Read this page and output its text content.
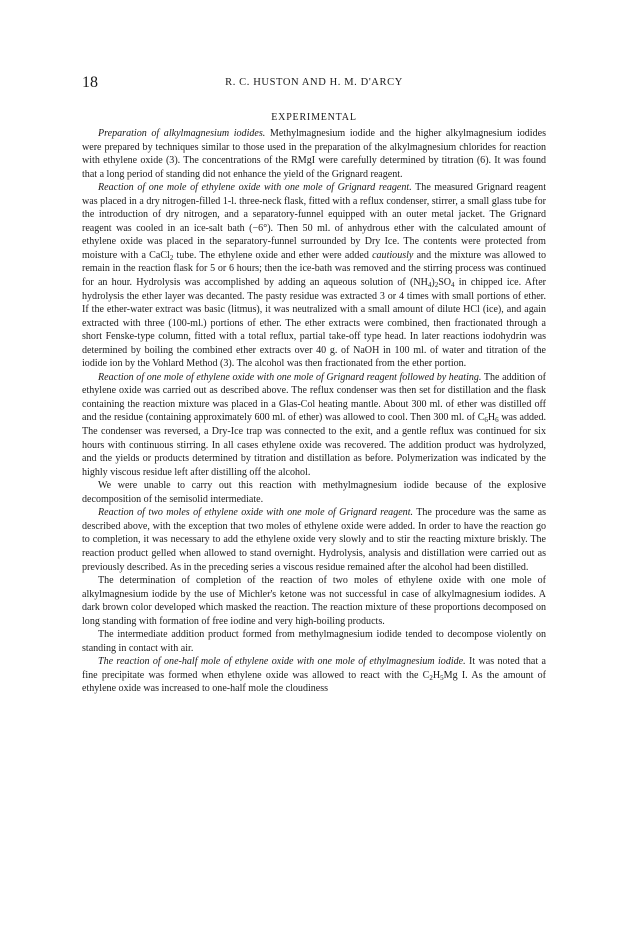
18	R. C. HUSTON AND H. M. D'ARCY
EXPERIMENTAL

Preparation of alkylmagnesium iodides. Methylmagnesium iodide and the higher alkylmagnesium iodides were prepared by techniques similar to those used in the preparation of the alkylmagnesium chlorides for reaction with ethylene oxide (3). The concentrations of the RMgI were carefully determined by titration (6). It was found that a long period of standing did not enhance the yield of the Grignard reagent.

Reaction of one mole of ethylene oxide with one mole of Grignard reagent. The measured Grignard reagent was placed in a dry nitrogen-filled 1-l. three-neck flask, fitted with a reflux condenser, stirrer, a small glass tube for the introduction of dry nitrogen, and a separatory-funnel equipped with an outer metal jacket. The Grignard reagent was cooled in an ice-salt bath (−6°). Then 50 ml. of anhydrous ether with the calculated amount of ethylene oxide was placed in the separatory-funnel surrounded by Dry Ice. The contents were protected from moisture with a CaCl$_2$ tube. The ethylene oxide and ether were added cautiously and the mixture was allowed to remain in the reaction flask for 5 or 6 hours; then the ice-bath was removed and the stirring process was continued for an hour. Hydrolysis was accomplished by adding an aqueous solution of $(NH_4)_2SO_4$ in chipped ice. After hydrolysis the ether layer was decanted. The pasty residue was extracted 3 or 4 times with small portions of ether. If the ether-water extract was basic (litmus), it was neutralized with a small amount of dilute HCl (ice), and again extracted with three (100-ml.) portions of ether. The ether extracts were combined, then fractionated through a short Fenske-type column, fitted with a total reflux, partial take-off type head. In later reactions iodohydrin was determined by boiling the combined ether extracts over 40 g. of NaOH in 100 ml. of water and titration of the iodide ion by the Vohlard Method (3). The alcohol was then fractionated from the ether portion.

Reaction of one mole of ethylene oxide with one mole of Grignard reagent followed by heating. The addition of ethylene oxide was carried out as described above. The reflux condenser was then set for distillation and the flask containing the reaction mixture was placed in a Glas-Col heating mantle. About 300 ml. of ether was distilled off and the residue (containing approximately 600 ml. of ether) was allowed to cool. Then 300 ml. of $C_6H_6$ was added. The condenser was reversed, a Dry-Ice trap was connected to the exit, and a gentle reflux was continued for six hours with continuous stirring. In all cases ethylene oxide was recovered. The addition product was hydrolyzed, and the yields or products determined by titration and distillation as before. Polymerization was indicated by the highly viscous residue left after distilling off the alcohol.

We were unable to carry out this reaction with methylmagnesium iodide because of the explosive decomposition of the semisolid intermediate.

Reaction of two moles of ethylene oxide with one mole of Grignard reagent. The procedure was the same as described above, with the exception that two moles of ethylene oxide were added. In order to have the reaction go to completion, it was necessary to add the ethylene oxide very slowly and to stir the reacting mixture briskly. The reaction product gelled when allowed to stand overnight. Hydrolysis, analysis and distillation were carried out as previously described. As in the preceding series a viscous residue remained after the alcohol had been distilled.

The determination of completion of the reaction of two moles of ethylene oxide with one mole of alkylmagnesium iodide by the use of Michler's ketone was not successful in case of alkylmagnesium iodides. A dark brown color developed which masked the reaction. The reaction mixture of these proportions decomposed on long standing with formation of free iodine and very high-boiling products.

The intermediate addition product formed from methylmagnesium iodide tended to decompose violently on standing in contact with air.

The reaction of one-half mole of ethylene oxide with one mole of ethylmagnesium iodide. It was noted that a fine precipitate was formed when ethylene oxide was allowed to react with the $C_2H_5Mg$ I. As the amount of ethylene oxide was increased to one-half mole the cloudiness
